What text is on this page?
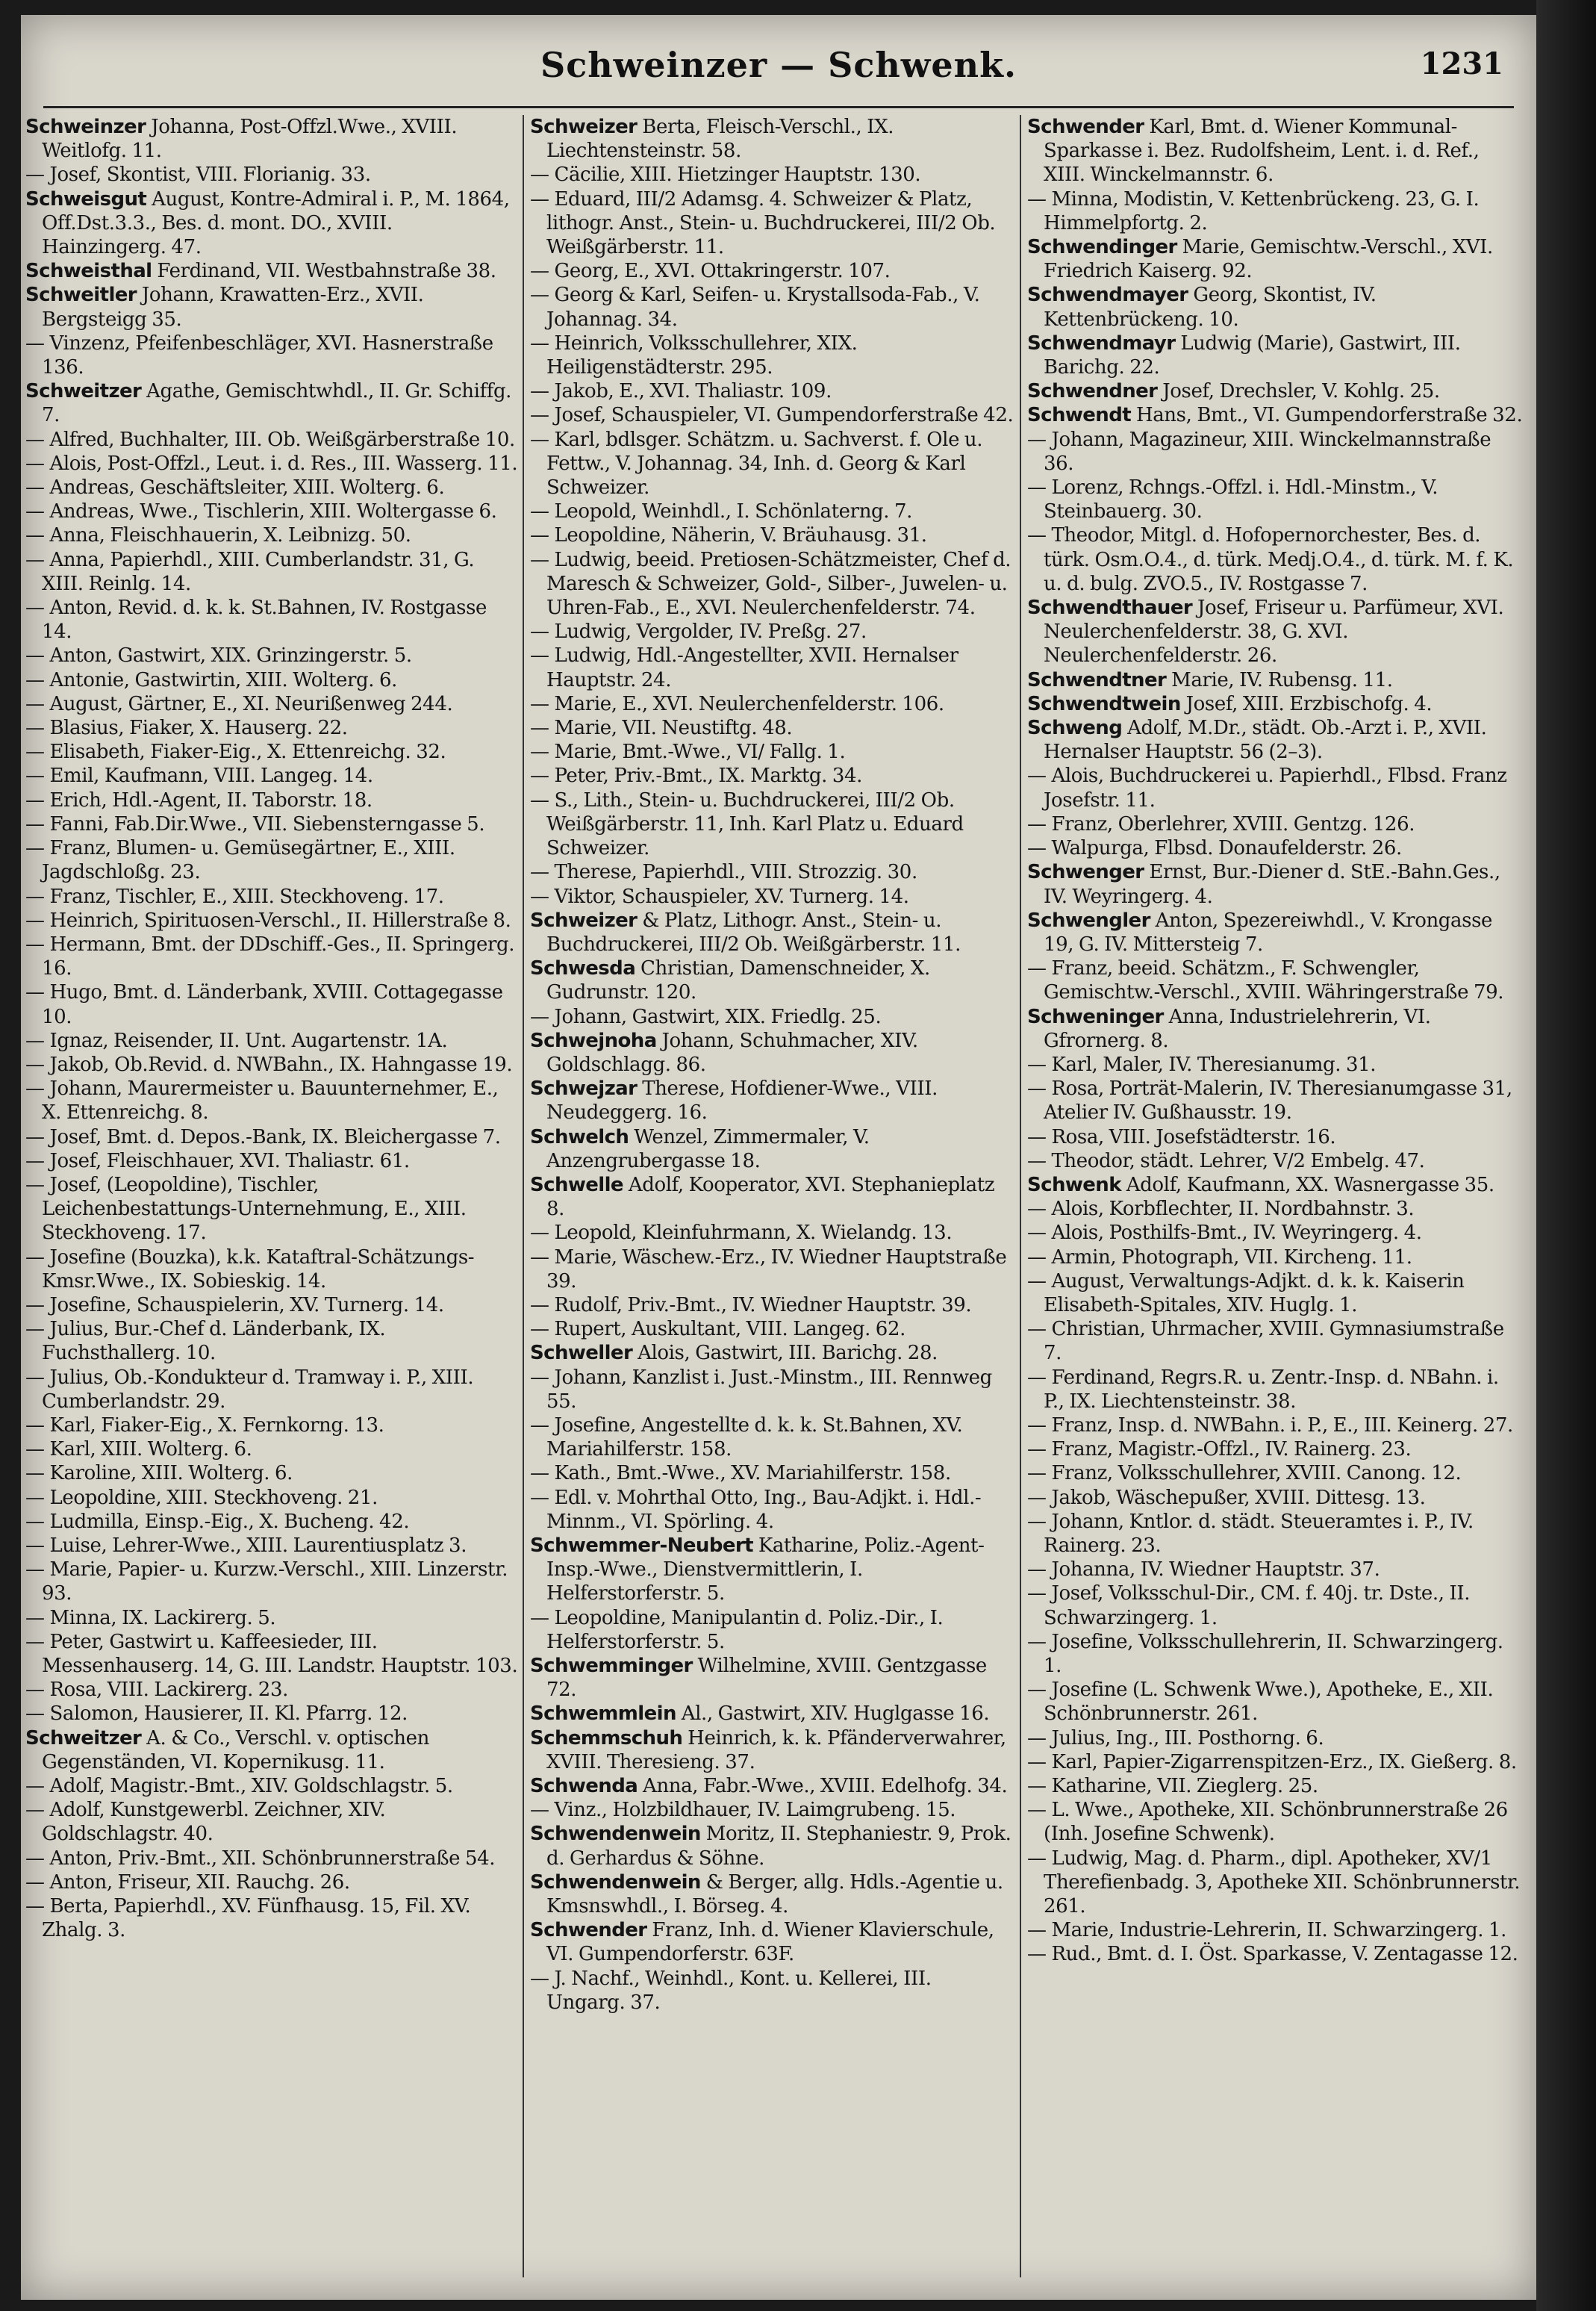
Schweinzer — Schwenk.	1231

Schweinzer Johanna, Post-Offzl.Wwe., XVIII. Weitlofg. 11.

— Josef, Skontist, VIII. Florianig. 33.

Schweisgut August, Kontre-Admiral i. P., M. 1864, Off.Dst.3.3., Bes. d. mont. DO., XVIII. Hainzingerg. 47.

Schweisthal Ferdinand, VII. Westbahnstraße 38.

Schweitler Johann, Krawatten-Erz., XVII. Bergsteigg 35.

— Vinzenz, Pfeifenbeschläger, XVI. Hasnerstraße 136.

Schweitzer Agathe, Gemischtwhdl., II. Gr. Schiffg. 7.

— Alfred, Buchhalter, III. Ob. Weißgärberstraße 10.

— Alois, Post-Offzl., Leut. i. d. Res., III. Wasserg. 11.

— Andreas, Geschäftsleiter, XIII. Wolterg. 6.

— Andreas, Wwe., Tischlerin, XIII. Woltergasse 6.

— Anna, Fleischhauerin, X. Leibnizg. 50.

— Anna, Papierhdl., XIII. Cumberlandstr. 31, G. XIII. Reinlg. 14.

— Anton, Revid. d. k. k. St.Bahnen, IV. Rostgasse 14.

— Anton, Gastwirt, XIX. Grinzingerstr. 5.

— Antonie, Gastwirtin, XIII. Wolterg. 6.

— August, Gärtner, E., XI. Neurißenweg 244.

— Blasius, Fiaker, X. Hauserg. 22.

— Elisabeth, Fiaker-Eig., X. Ettenreichg. 32.

— Emil, Kaufmann, VIII. Langeg. 14.

— Erich, Hdl.-Agent, II. Taborstr. 18.

— Fanni, Fab.Dir.Wwe., VII. Siebensterngasse 5.

— Franz, Blumen- u. Gemüsegärtner, E., XIII. Jagdschloßg. 23.

— Franz, Tischler, E., XIII. Steckhoveng. 17.

— Heinrich, Spirituosen-Verschl., II. Hillerstraße 8.

— Hermann, Bmt. der DDschiff.-Ges., II. Springerg. 16.

— Hugo, Bmt. d. Länderbank, XVIII. Cottagegasse 10.

— Ignaz, Reisender, II. Unt. Augartenstr. 1A.

— Jakob, Ob.Revid. d. NWBahn., IX. Hahngasse 19.

— Johann, Maurermeister u. Bauunternehmer, E., X. Ettenreichg. 8.

— Josef, Bmt. d. Depos.-Bank, IX. Bleichergasse 7.

— Josef, Fleischhauer, XVI. Thaliastr. 61.

— Josef, (Leopoldine), Tischler, Leichenbestattungs-Unternehmung, E., XIII. Steckhoveng. 17.

— Josefine (Bouzka), k.k. Kataftral-Schätzungs-Kmsr.Wwe., IX. Sobieskig. 14.

— Josefine, Schauspielerin, XV. Turnerg. 14.

— Julius, Bur.-Chef d. Länderbank, IX. Fuchsthallerg. 10.

— Julius, Ob.-Kondukteur d. Tramway i. P., XIII. Cumberlandstr. 29.

— Karl, Fiaker-Eig., X. Fernkorng. 13.

— Karl, XIII. Wolterg. 6.

— Karoline, XIII. Wolterg. 6.

— Leopoldine, XIII. Steckhoveng. 21.

— Ludmilla, Einsp.-Eig., X. Bucheng. 42.

— Luise, Lehrer-Wwe., XIII. Laurentiusplatz 3.

— Marie, Papier- u. Kurzw.-Verschl., XIII. Linzerstr. 93.

— Minna, IX. Lackirerg. 5.

— Peter, Gastwirt u. Kaffeesieder, III. Messenhauserg. 14, G. III. Landstr. Hauptstr. 103.

— Rosa, VIII. Lackirerg. 23.

— Salomon, Hausierer, II. Kl. Pfarrg. 12.

Schweitzer A. & Co., Verschl. v. optischen Gegenständen, VI. Kopernikusg. 11.

— Adolf, Magistr.-Bmt., XIV. Goldschlagstr. 5.

— Adolf, Kunstgewerbl. Zeichner, XIV. Goldschlagstr. 40.

— Anton, Priv.-Bmt., XII. Schönbrunnerstraße 54.

— Anton, Friseur, XII. Rauchg. 26.

— Berta, Papierhdl., XV. Fünfhausg. 15, Fil. XV. Zhalg. 3.

Schweizer Berta, Fleisch-Verschl., IX. Liechtensteinstr. 58.

— Cäcilie, XIII. Hietzinger Hauptstr. 130.

— Eduard, III/2 Adamsg. 4. Schweizer & Platz, lithogr. Anst., Stein- u. Buchdruckerei, III/2 Ob. Weißgärberstr. 11.

— Georg, E., XVI. Ottakringerstr. 107.

— Georg & Karl, Seifen- u. Krystallsoda-Fab., V. Johannag. 34.

— Heinrich, Volksschullehrer, XIX. Heiligenstädterstr. 295.

— Jakob, E., XVI. Thaliastr. 109.

— Josef, Schauspieler, VI. Gumpendorferstraße 42.

— Karl, bdlsger. Schätzm. u. Sachverst. f. Ole u. Fettw., V. Johannag. 34, Inh. d. Georg & Karl Schweizer.

— Leopold, Weinhdl., I. Schönlaterng. 7.

— Leopoldine, Näherin, V. Bräuhausg. 31.

— Ludwig, beeid. Pretiosen-Schätzmeister, Chef d. Maresch & Schweizer, Gold-, Silber-, Juwelen- u. Uhren-Fab., E., XVI. Neulerchenfelderstr. 74.

— Ludwig, Vergolder, IV. Preßg. 27.

— Ludwig, Hdl.-Angestellter, XVII. Hernalser Hauptstr. 24.

— Marie, E., XVI. Neulerchenfelderstr. 106.

— Marie, VII. Neustiftg. 48.

— Marie, Bmt.-Wwe., VI/ Fallg. 1.

— Peter, Priv.-Bmt., IX. Marktg. 34.

— S., Lith., Stein- u. Buchdruckerei, III/2 Ob. Weißgärberstr. 11, Inh. Karl Platz u. Eduard Schweizer.

— Therese, Papierhdl., VIII. Strozzig. 30.

— Viktor, Schauspieler, XV. Turnerg. 14.

Schweizer & Platz, Lithogr. Anst., Stein- u. Buchdruckerei, III/2 Ob. Weißgärberstr. 11.

Schwesda Christian, Damenschneider, X. Gudrunstr. 120.

— Johann, Gastwirt, XIX. Friedlg. 25.

Schwejnoha Johann, Schuhmacher, XIV. Goldschlagg. 86.

Schwejzar Therese, Hofdiener-Wwe., VIII. Neudeggerg. 16.

Schwelch Wenzel, Zimmermaler, V. Anzengrubergasse 18.

Schwelle Adolf, Kooperator, XVI. Stephanieplatz 8.

— Leopold, Kleinfuhrmann, X. Wielandg. 13.

— Marie, Wäschew.-Erz., IV. Wiedner Hauptstraße 39.

— Rudolf, Priv.-Bmt., IV. Wiedner Hauptstr. 39.

— Rupert, Auskultant, VIII. Langeg. 62.

Schweller Alois, Gastwirt, III. Barichg. 28.

— Johann, Kanzlist i. Just.-Minstm., III. Rennweg 55.

— Josefine, Angestellte d. k. k. St.Bahnen, XV. Mariahilferstr. 158.

— Kath., Bmt.-Wwe., XV. Mariahilferstr. 158.

— Edl. v. Mohrthal Otto, Ing., Bau-Adjkt. i. Hdl.-Minnm., VI. Spörling. 4.

Schwemmer-Neubert Katharine, Poliz.-Agent-Insp.-Wwe., Dienstvermittlerin, I. Helferstorferstr. 5.

— Leopoldine, Manipulantin d. Poliz.-Dir., I. Helferstorferstr. 5.

Schwemminger Wilhelmine, XVIII. Gentzgasse 72.

Schwemmlein Al., Gastwirt, XIV. Huglgasse 16.

Schemmschuh Heinrich, k. k. Pfänderverwahrer, XVIII. Theresieng. 37.

Schwenda Anna, Fabr.-Wwe., XVIII. Edelhofg. 34.

— Vinz., Holzbildhauer, IV. Laimgrubeng. 15.

Schwendenwein Moritz, II. Stephaniestr. 9, Prok. d. Gerhardus & Söhne.

Schwendenwein & Berger, allg. Hdls.-Agentie u. Kmsnswhdl., I. Börseg. 4.

Schwender Franz, Inh. d. Wiener Klavierschule, VI. Gumpendorferstr. 63F.

— J. Nachf., Weinhdl., Kont. u. Kellerei, III. Ungarg. 37.

Schwender Karl, Bmt. d. Wiener Kommunal-Sparkasse i. Bez. Rudolfsheim, Lent. i. d. Ref., XIII. Winckelmannstr. 6.

— Minna, Modistin, V. Kettenbrückeng. 23, G. I. Himmelpfortg. 2.

Schwendinger Marie, Gemischtw.-Verschl., XVI. Friedrich Kaiserg. 92.

Schwendmayer Georg, Skontist, IV. Kettenbrückeng. 10.

Schwendmayr Ludwig (Marie), Gastwirt, III. Barichg. 22.

Schwendner Josef, Drechsler, V. Kohlg. 25.

Schwendt Hans, Bmt., VI. Gumpendorferstraße 32.

— Johann, Magazineur, XIII. Winckelmannstraße 36.

— Lorenz, Rchngs.-Offzl. i. Hdl.-Minstm., V. Steinbauerg. 30.

— Theodor, Mitgl. d. Hofopernorchester, Bes. d. türk. Osm.O.4., d. türk. Medj.O.4., d. türk. M. f. K. u. d. bulg. ZVO.5., IV. Rostgasse 7.

Schwendthauer Josef, Friseur u. Parfümeur, XVI. Neulerchenfelderstr. 38, G. XVI. Neulerchenfelderstr. 26.

Schwendtner Marie, IV. Rubensg. 11.

Schwendtwein Josef, XIII. Erzbischofg. 4.

Schweng Adolf, M.Dr., städt. Ob.-Arzt i. P., XVII. Hernalser Hauptstr. 56 (2–3).

— Alois, Buchdruckerei u. Papierhdl., Flbsd. Franz Josefstr. 11.

— Franz, Oberlehrer, XVIII. Gentzg. 126.

— Walpurga, Flbsd. Donaufelderstr. 26.

Schwenger Ernst, Bur.-Diener d. StE.-Bahn.Ges., IV. Weyringerg. 4.

Schwengler Anton, Spezereiwhdl., V. Krongasse 19, G. IV. Mittersteig 7.

— Franz, beeid. Schätzm., F. Schwengler, Gemischtw.-Verschl., XVIII. Währingerstraße 79.

Schweninger Anna, Industrielehrerin, VI. Gfrornerg. 8.

— Karl, Maler, IV. Theresianumg. 31.

— Rosa, Porträt-Malerin, IV. Theresianumgasse 31, Atelier IV. Gußhausstr. 19.

— Rosa, VIII. Josefstädterstr. 16.

— Theodor, städt. Lehrer, V/2 Embelg. 47.

Schwenk Adolf, Kaufmann, XX. Wasnergasse 35.

— Alois, Korbflechter, II. Nordbahnstr. 3.

— Alois, Posthilfs-Bmt., IV. Weyringerg. 4.

— Armin, Photograph, VII. Kircheng. 11.

— August, Verwaltungs-Adjkt. d. k. k. Kaiserin Elisabeth-Spitales, XIV. Huglg. 1.

— Christian, Uhrmacher, XVIII. Gymnasiumstraße 7.

— Ferdinand, Regrs.R. u. Zentr.-Insp. d. NBahn. i. P., IX. Liechtensteinstr. 38.

— Franz, Insp. d. NWBahn. i. P., E., III. Keinerg. 27.

— Franz, Magistr.-Offzl., IV. Rainerg. 23.

— Franz, Volksschullehrer, XVIII. Canong. 12.

— Jakob, Wäschepußer, XVIII. Dittesg. 13.

— Johann, Kntlor. d. städt. Steueramtes i. P., IV. Rainerg. 23.

— Johanna, IV. Wiedner Hauptstr. 37.

— Josef, Volksschul-Dir., CM. f. 40j. tr. Dste., II. Schwarzingerg. 1.

— Josefine, Volksschullehrerin, II. Schwarzingerg. 1.

— Josefine (L. Schwenk Wwe.), Apotheke, E., XII. Schönbrunnerstr. 261.

— Julius, Ing., III. Posthorng. 6.

— Karl, Papier-Zigarrenspitzen-Erz., IX. Gießerg. 8.

— Katharine, VII. Zieglerg. 25.

— L. Wwe., Apotheke, XII. Schönbrunnerstraße 26 (Inh. Josefine Schwenk).

— Ludwig, Mag. d. Pharm., dipl. Apotheker, XV/1 Therefienbadg. 3, Apotheke XII. Schönbrunnerstr. 261.

— Marie, Industrie-Lehrerin, II. Schwarzingerg. 1.

— Rud., Bmt. d. I. Öst. Sparkasse, V. Zentagasse 12.
